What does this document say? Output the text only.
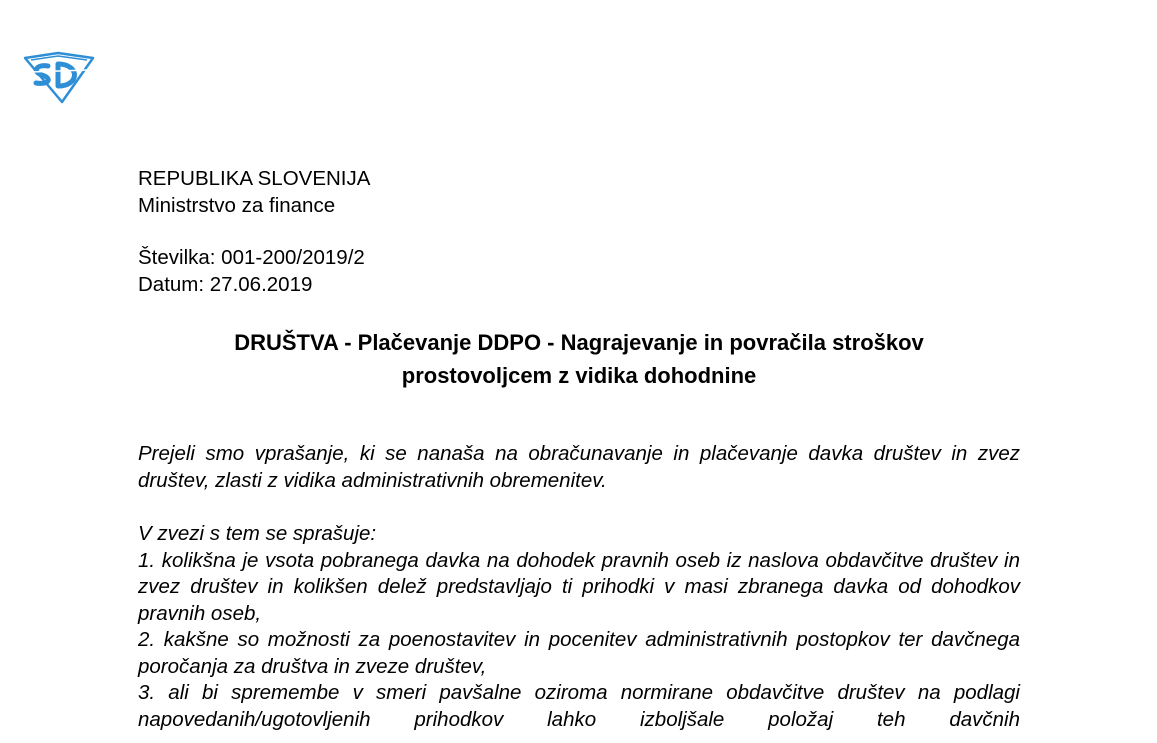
REPUBLIKA SLOVENIJA
Ministrstvo za finance
Številka: 001-200/2019/2
Datum: 27.06.2019
DRUŠTVA - Plačevanje DDPO - Nagrajevanje in povračila stroškov
prostovoljcem z vidika dohodnine

Prejeli smo vprašanje, ki se nanaša na obračunavanje in plačevanje davka društev in zvez društev, zlasti z vidika administrativnih obremenitev.

V zvezi s tem se sprašuje:

1. kolikšna je vsota pobranega davka na dohodek pravnih oseb iz naslova obdavčitve društev in zvez društev in kolikšen delež predstavljajo ti prihodki v masi zbranega davka od dohodkov pravnih oseb,

2. kakšne so možnosti za poenostavitev in pocenitev administrativnih postopkov ter davčnega poročanja za društva in zveze društev,

3. ali bi spremembe v smeri pavšalne oziroma normirane obdavčitve društev na podlagi napovedanih/ugotovljenih prihodkov lahko izboljšale položaj teh davčnih
